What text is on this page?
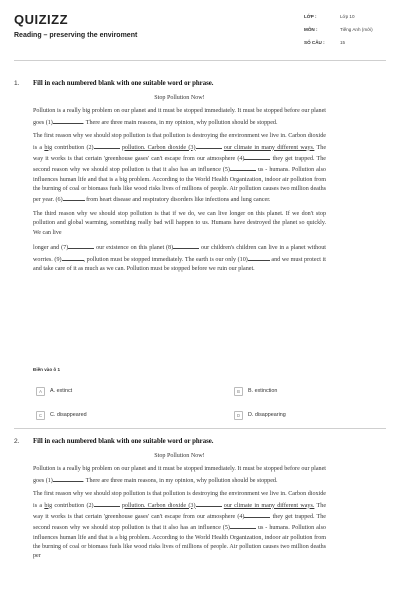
QUIZIZZ
Reading – preserving the enviroment
LỚP :	Lớp 10
MÔN :	Tiếng Anh (mới)
SỐ CÂU :	15
1. Fill in each numbered blank with one suitable word or phrase.

Stop Pollution Now!

Pollution is a really big problem on our planet and it must be stopped immediately. It must be stopped before our planet goes (1)	. There are three main reasons, in my opinion, why pollution should be stopped.

The first reason why we should stop pollution is that pollution is destroying the environment we live in. Carbon dioxide is a big contribution (2)	pollution. Carbon dioxide (3)	our climate in many different ways. The way it works is that certain 'greenhouse gases' can't escape from our atmosphere (4)	they get trapped. The second reason why we should stop pollution is that it also has an influence (5)	us - humans. Pollution also influences human life and that is a big problem. According to the World Health Organization, indoor air pollution from the burning of coal or biomass fuels like wood risks lives of millions of people. Air pollution causes two million deaths per year. (6)	from heart disease and respiratory disorders like infections and lung cancer.

The third reason why we should stop pollution is that if we do, we can live longer on this planet. If we don't stop pollution and global warming, something really bad will happen to us. Humans have destroyed the planet so quickly. We can live

longer and (7)	our existence on this planet (8)	our children's children can live in a planet without worries. (9)	, pollution must be stopped immediately. The earth is our only (10)	and we must protect it and take care of it as much as we can. Pollution must be stopped before we ruin our planet.

Điền vào ô 1
A	A. extinct	B	B. extinction
C	C. disappeared	D	D. disappearing
2. Fill in each numbered blank with one suitable word or phrase.

Stop Pollution Now!

Pollution is a really big problem on our planet and it must be stopped immediately. It must be stopped before our planet goes (1)	. There are three main reasons, in my opinion, why pollution should be stopped.

The first reason why we should stop pollution is that pollution is destroying the environment we live in. Carbon dioxide is a big contribution (2)	pollution. Carbon dioxide (3)	our climate in many different ways. The way it works is that certain 'greenhouse gases' can't escape from our atmosphere (4)	they get trapped. The second reason why we should stop pollution is that it also has an influence (5)	us - humans. Pollution also influences human life and that is a big problem. According to the World Health Organization, indoor air pollution from the burning of coal or biomass fuels like wood risks lives of millions of people. Air pollution causes two million deaths per
